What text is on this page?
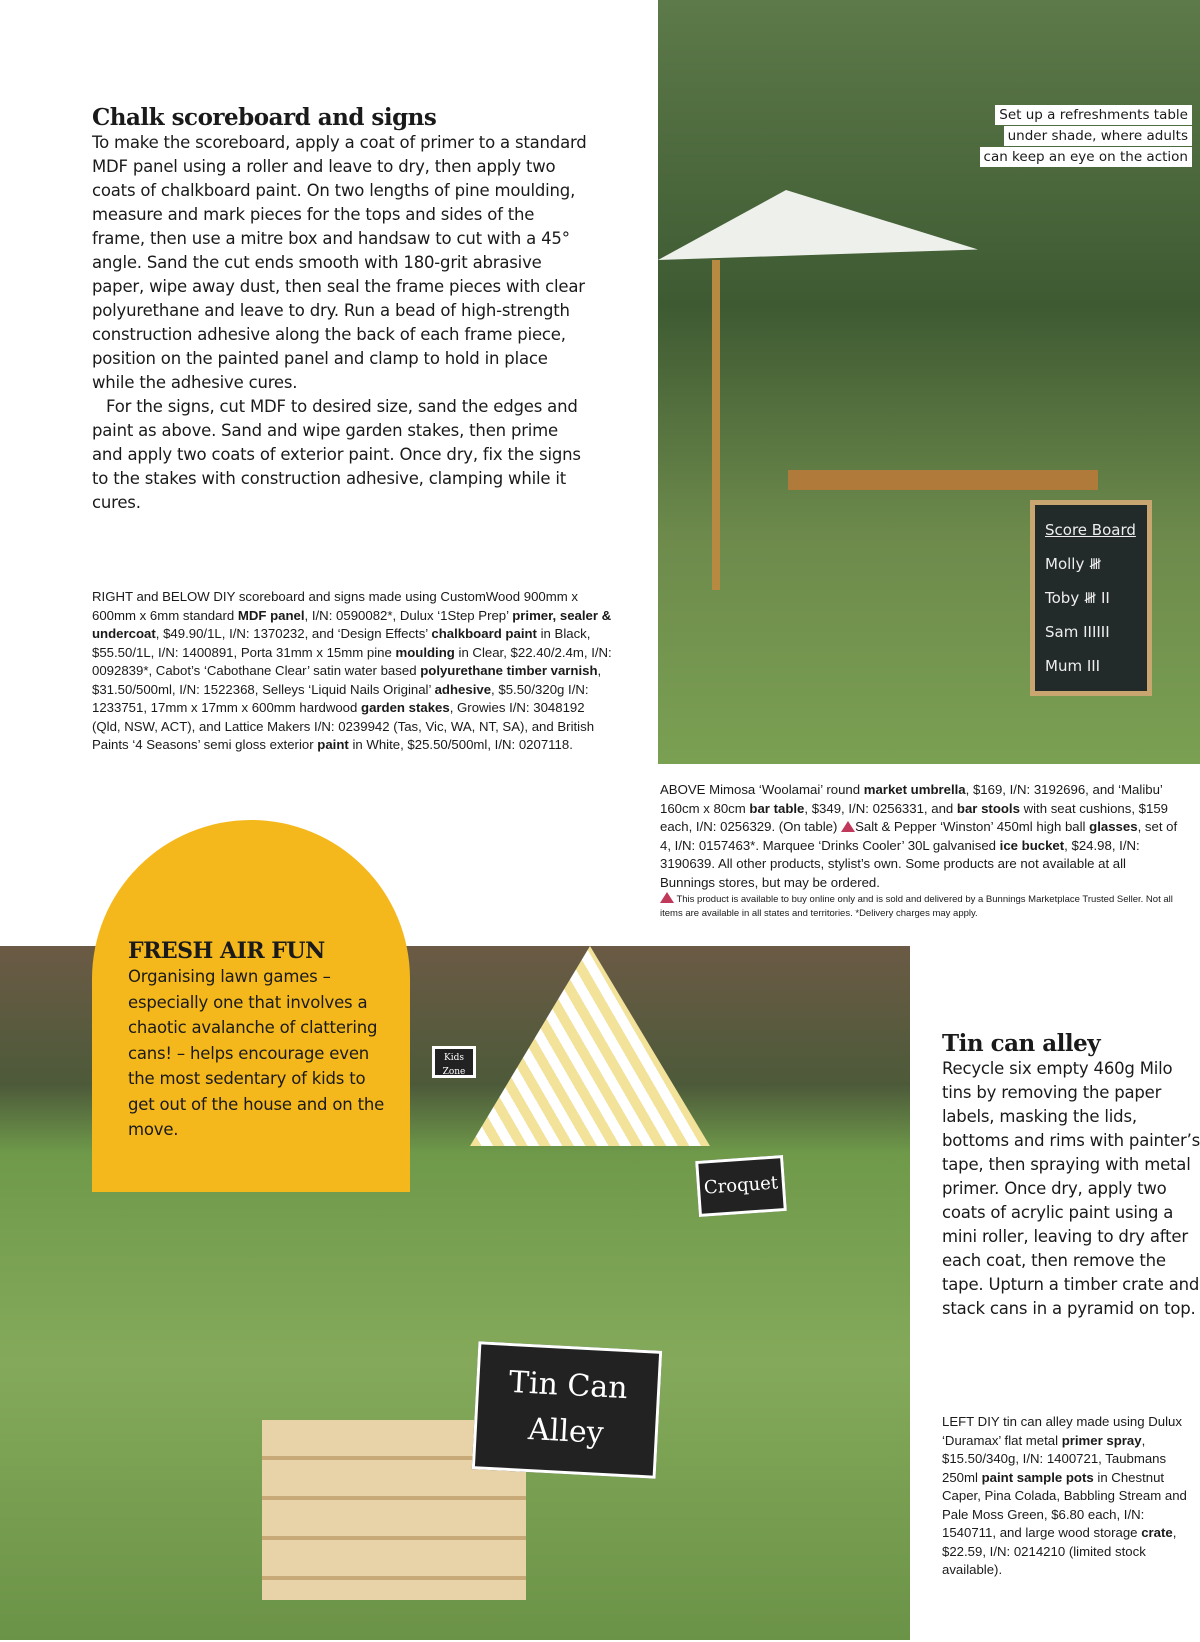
Chalk scoreboard and signs

To make the scoreboard, apply a coat of primer to a standard MDF panel using a roller and leave to dry, then apply two coats of chalkboard paint. On two lengths of pine moulding, measure and mark pieces for the tops and sides of the frame, then use a mitre box and handsaw to cut with a 45° angle. Sand the cut ends smooth with 180-grit abrasive paper, wipe away dust, then seal the frame pieces with clear polyurethane and leave to dry. Run a bead of high-strength construction adhesive along the back of each frame piece, position on the painted panel and clamp to hold in place while the adhesive cures.

For the signs, cut MDF to desired size, sand the edges and paint as above. Sand and wipe garden stakes, then prime and apply two coats of exterior paint. Once dry, fix the signs to the stakes with construction adhesive, clamping while it cures.

RIGHT and BELOW DIY scoreboard and signs made using CustomWood 900mm x 600mm x 6mm standard MDF panel, I/N: 0590082*, Dulux ‘1Step Prep’ primer, sealer & undercoat, $49.90/1L, I/N: 1370232, and ‘Design Effects’ chalkboard paint in Black, $55.50/1L, I/N: 1400891, Porta 31mm x 15mm pine moulding in Clear, $22.40/2.4m, I/N: 0092839*, Cabot’s ‘Cabothane Clear’ satin water based polyurethane timber varnish, $31.50/500ml, I/N: 1522368, Selleys ‘Liquid Nails Original’ adhesive, $5.50/320g I/N: 1233751, 17mm x 17mm x 600mm hardwood garden stakes, Growies I/N: 3048192 (Qld, NSW, ACT), and Lattice Makers I/N: 0239942 (Tas, Vic, WA, NT, SA), and British Paints ‘4 Seasons’ semi gloss exterior paint in White, $25.50/500ml, I/N: 0207118.

Score Board
Molly 𝍸
Toby 𝍸 II
Sam IIIIII
Mum III
Set up a refreshments table
under shade, where adults
can keep an eye on the action

ABOVE Mimosa ‘Woolamai’ round market umbrella, $169, I/N: 3192696, and ‘Malibu’ 160cm x 80cm bar table, $349, I/N: 0256331, and bar stools with seat cushions, $159 each, I/N: 0256329. (On table) Salt & Pepper ‘Winston’ 450ml high ball glasses, set of 4, I/N: 0157463*. Marquee ‘Drinks Cooler’ 30L galvanised ice bucket, $24.98, I/N: 3190639. All other products, stylist’s own. Some products are not available at all Bunnings stores, but may be ordered.

This product is available to buy online only and is sold and delivered by a Bunnings Marketplace Trusted Seller. Not all items are available in all states and territories. *Delivery charges may apply.

Kids Zone
Croquet
Tin Can
Alley
FRESH AIR FUN

Organising lawn games – especially one that involves a chaotic avalanche of clattering cans! – helps encourage even the most sedentary of kids to get out of the house and on the move.

Tin can alley

Recycle six empty 460g Milo tins by removing the paper labels, masking the lids, bottoms and rims with painter’s tape, then spraying with metal primer. Once dry, apply two coats of acrylic paint using a mini roller, leaving to dry after each coat, then remove the tape. Upturn a timber crate and stack cans in a pyramid on top.

LEFT DIY tin can alley made using Dulux ‘Duramax’ flat metal primer spray, $15.50/340g, I/N: 1400721, Taubmans 250ml paint sample pots in Chestnut Caper, Pina Colada, Babbling Stream and Pale Moss Green, $6.80 each, I/N: 1540711, and large wood storage crate, $22.59, I/N: 0214210 (limited stock available).
